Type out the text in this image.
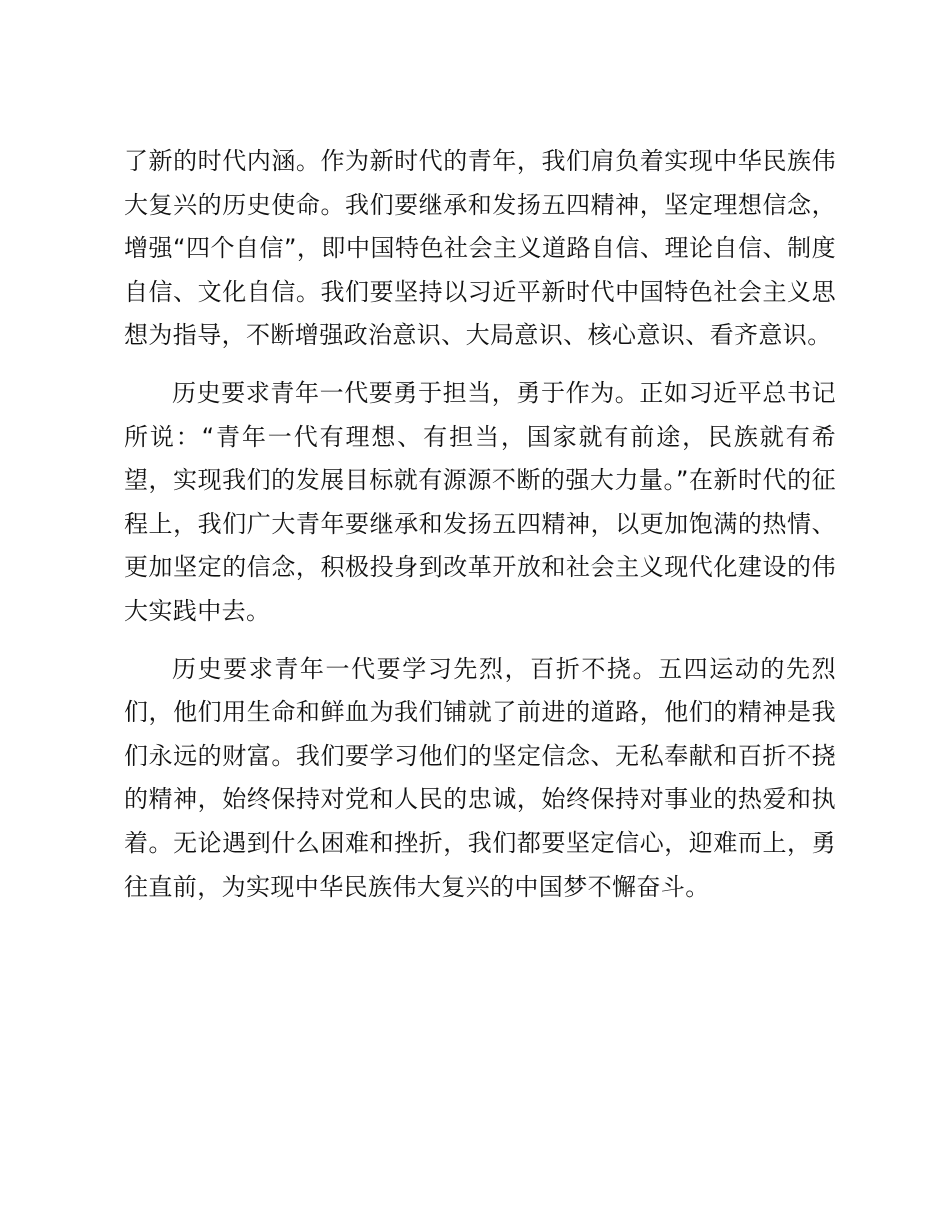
了新的时代内涵。作为新时代的青年，我们肩负着实现中华民族伟大复兴的历史使命。我们要继承和发扬五四精神，坚定理想信念，增强“四个自信”，即中国特色社会主义道路自信、理论自信、制度自信、文化自信。我们要坚持以习近平新时代中国特色社会主义思想为指导，不断增强政治意识、大局意识、核心意识、看齐意识。

历史要求青年一代要勇于担当，勇于作为。正如习近平总书记所说：“青年一代有理想、有担当，国家就有前途，民族就有希望，实现我们的发展目标就有源源不断的强大力量。”在新时代的征程上，我们广大青年要继承和发扬五四精神，以更加饱满的热情、更加坚定的信念，积极投身到改革开放和社会主义现代化建设的伟大实践中去。

历史要求青年一代要学习先烈，百折不挠。五四运动的先烈们，他们用生命和鲜血为我们铺就了前进的道路，他们的精神是我们永远的财富。我们要学习他们的坚定信念、无私奉献和百折不挠的精神，始终保持对党和人民的忠诚，始终保持对事业的热爱和执着。无论遇到什么困难和挫折，我们都要坚定信心，迎难而上，勇往直前，为实现中华民族伟大复兴的中国梦不懈奋斗。
